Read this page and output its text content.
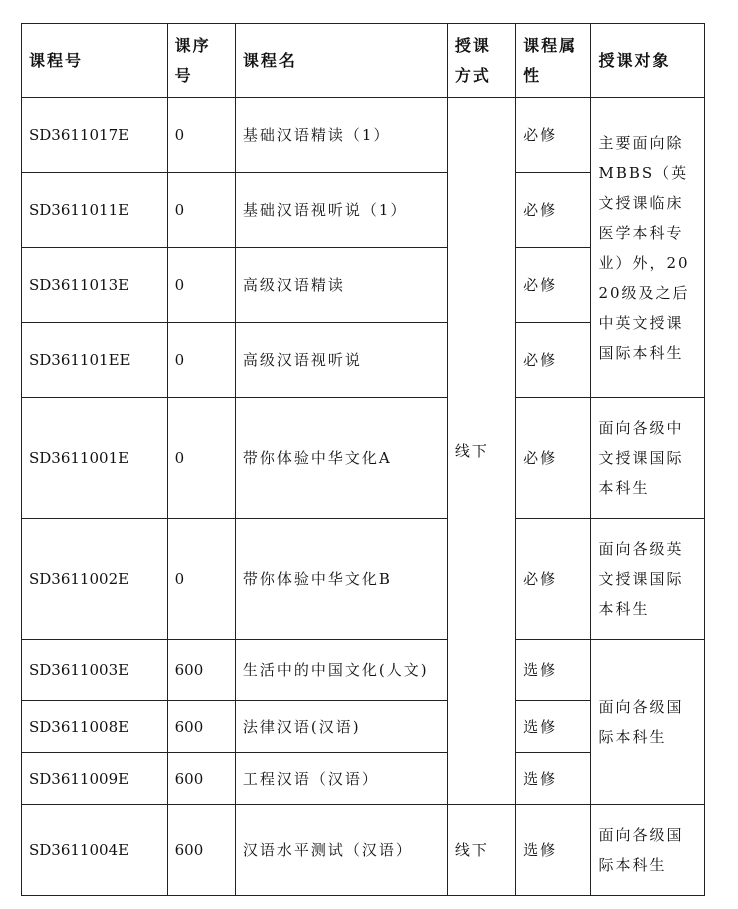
课程号	课序号	课程名	授课方式	课程属性	授课对象
SD3611017E	0	基础汉语精读（1）	线下	必修	主要面向除MBBS（英文授课临床医学本科专业）外，2020级及之后中英文授课国际本科生
SD3611011E	0	基础汉语视听说（1）		必修	
SD3611013E	0	高级汉语精读		必修	
SD361101EE	0	高级汉语视听说		必修	
SD3611001E	0	带你体验中华文化A		必修	面向各级中文授课国际本科生
SD3611002E	0	带你体验中华文化B		必修	面向各级英文授课国际本科生
SD3611003E	600	生活中的中国文化(人文)		选修	面向各级国际本科生
SD3611008E	600	法律汉语(汉语)		选修	
SD3611009E	600	工程汉语（汉语）		选修	
SD3611004E	600	汉语水平测试（汉语）	线下	选修	面向各级国际本科生
